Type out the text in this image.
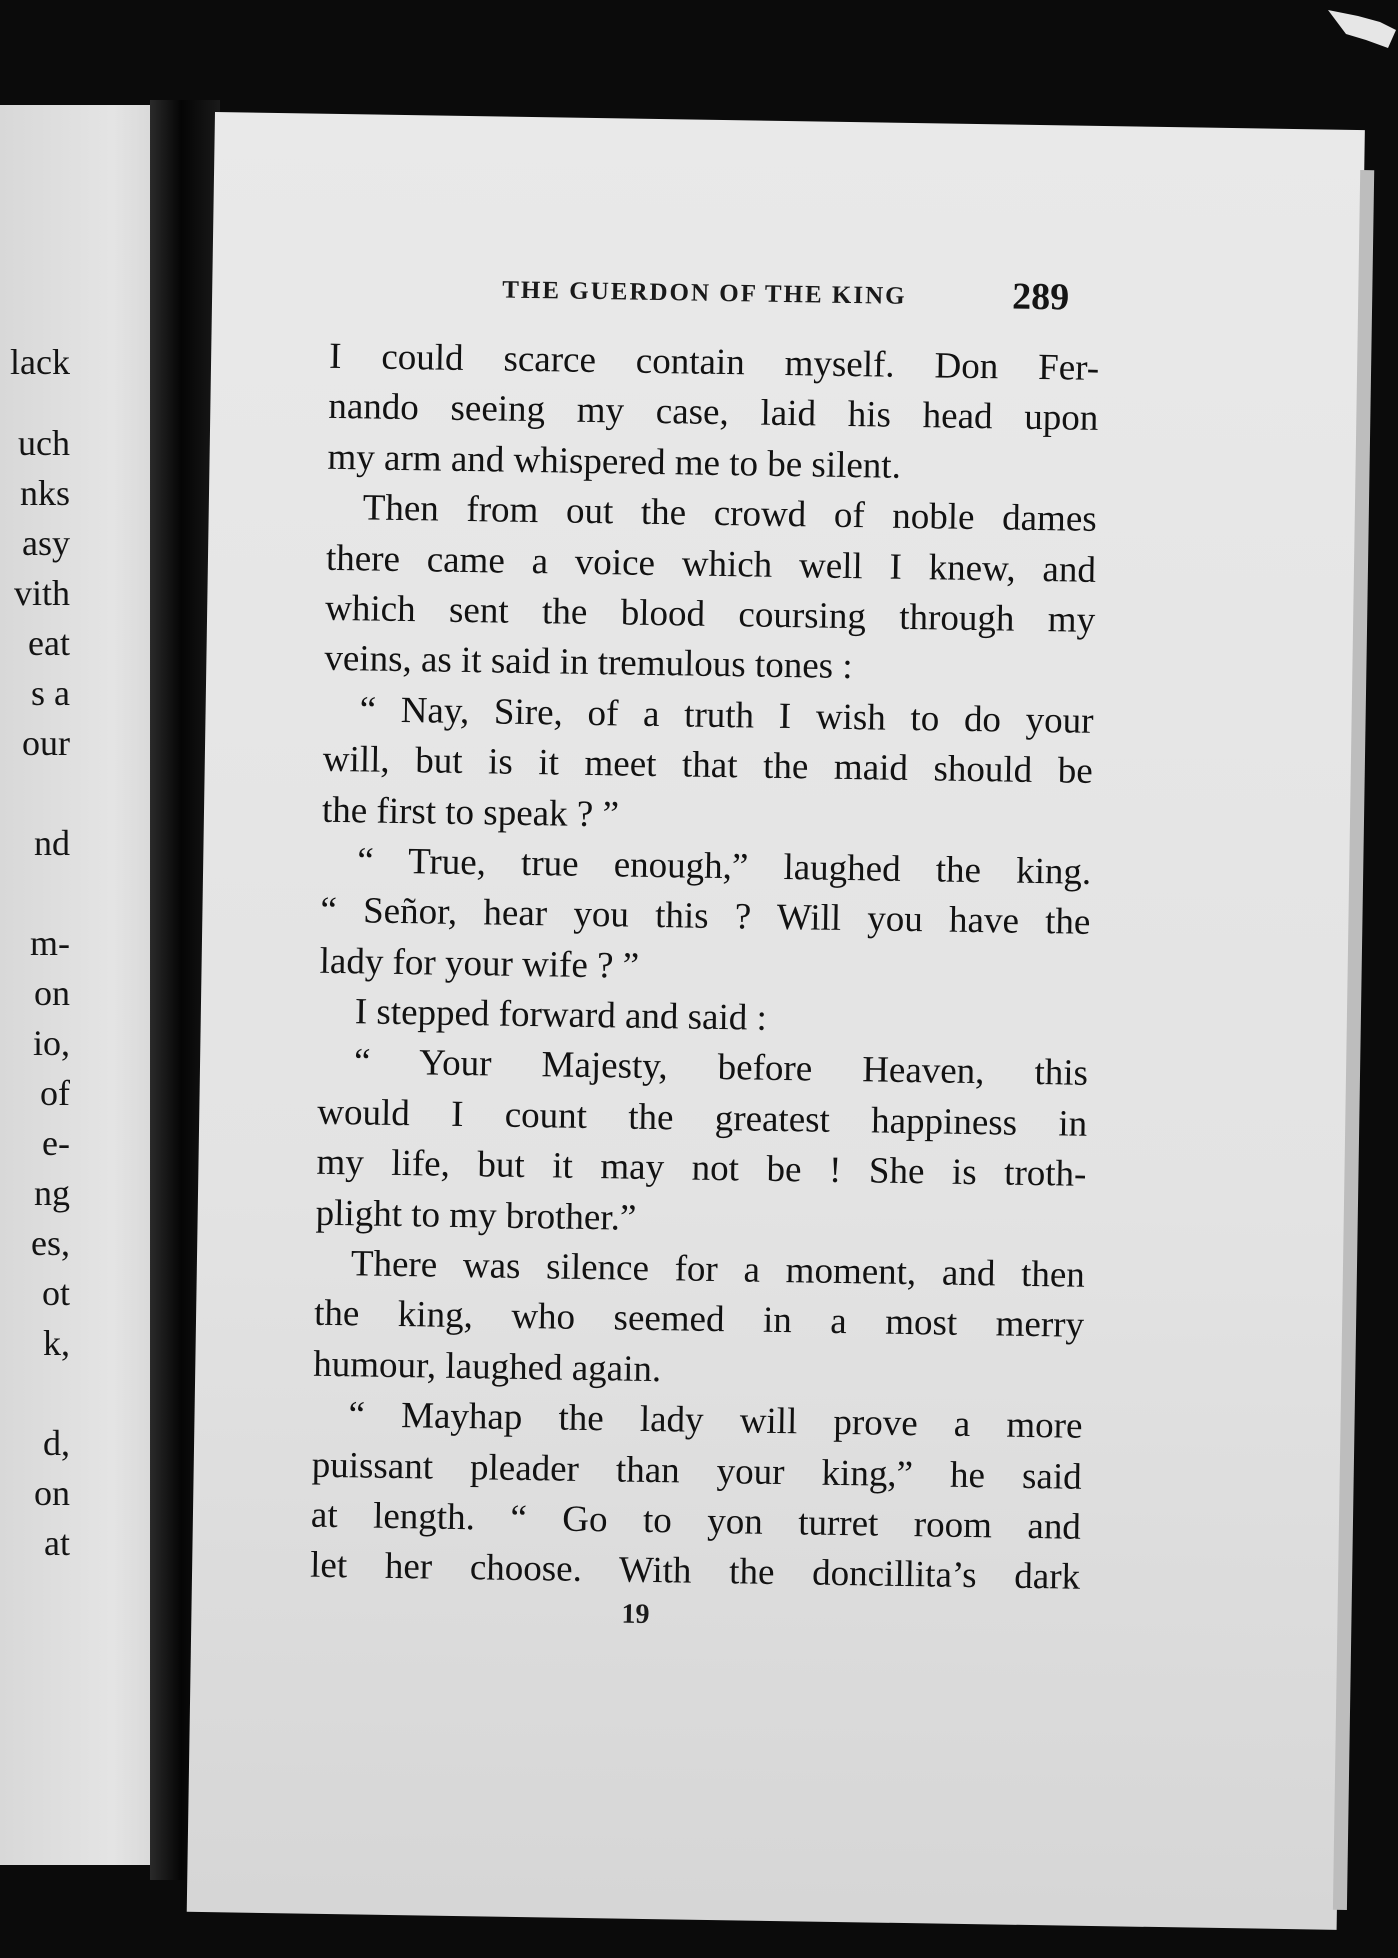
lack

uch

nks

asy

vith

eat

s a

our

nd

m-

on

io,

of

e-

ng

es,

ot

k,

d,

on

at

THE GUERDON OF THE KING	289

I could scarce contain myself. Don Fer-
nando seeing my case, laid his head upon
my arm and whispered me to be silent.
Then from out the crowd of noble dames
there came a voice which well I knew, and
which sent the blood coursing through my
veins, as it said in tremulous tones :
“ Nay, Sire, of a truth I wish to do your
will, but is it meet that the maid should be
the first to speak ? ”
“ True, true enough,” laughed the king.
“ Señor, hear you this ? Will you have the
lady for your wife ? ”
I stepped forward and said :
“ Your Majesty, before Heaven, this
would I count the greatest happiness in
my life, but it may not be ! She is troth-
plight to my brother.”
There was silence for a moment, and then
the king, who seemed in a most merry
humour, laughed again.
“ Mayhap the lady will prove a more
puissant pleader than your king,” he said
at length. “ Go to yon turret room and
let her choose. With the doncillita’s dark

19
